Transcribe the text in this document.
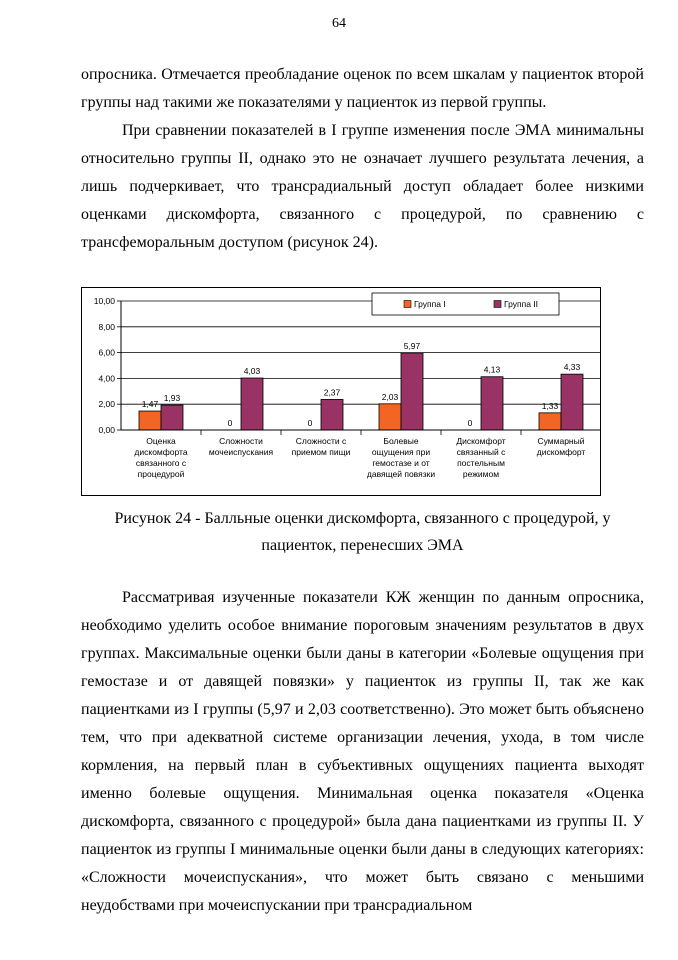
64

опросника. Отмечается преобладание оценок по всем шкалам у пациенток второй группы над такими же показателями у пациенток из первой группы.

При сравнении показателей в I группе изменения после ЭМА минимальны относительно группы II, однако это не означает лучшего результата лечения, а лишь подчеркивает, что трансрадиальный доступ обладает более низкими оценками дискомфорта, связанного с процедурой, по сравнению с трансфеморальным доступом (рисунок 24).

1,47
0	0
2,03
0
1,33
1,93
4,03
2,37
5,97
4,13	4,33
0,00
2,00
4,00
6,00
8,00
10,00
Оценка дискомфорта связанного с процедурой
Сложности мочеиспускания
Сложности с приемом пищи
Болевые ощущения при гемостазе и от давящей повязки
Дискомфорт связанный с постельным режимом
Суммарный дискомфорт
Группа I	Группа II

Рисунок 24 - Балльные оценки дискомфорта, связанного с процедурой, у
пациенток, перенесших ЭМА

Рассматривая изученные показатели КЖ женщин по данным опросника, необходимо уделить особое внимание пороговым значениям результатов в двух группах. Максимальные оценки были даны в категории «Болевые ощущения при гемостазе и от давящей повязки» у пациенток из группы II, так же как пациентками из I группы (5,97 и 2,03 соответственно). Это может быть объяснено тем, что при адекватной системе организации лечения, ухода, в том числе кормления, на первый план в субъективных ощущениях пациента выходят именно болевые ощущения. Минимальная оценка показателя «Оценка дискомфорта, связанного с процедурой» была дана пациентками из группы II. У пациенток из группы I минимальные оценки были даны в следующих категориях: «Сложности мочеиспускания», что может быть связано с меньшими неудобствами при мочеиспускании при трансрадиальном
